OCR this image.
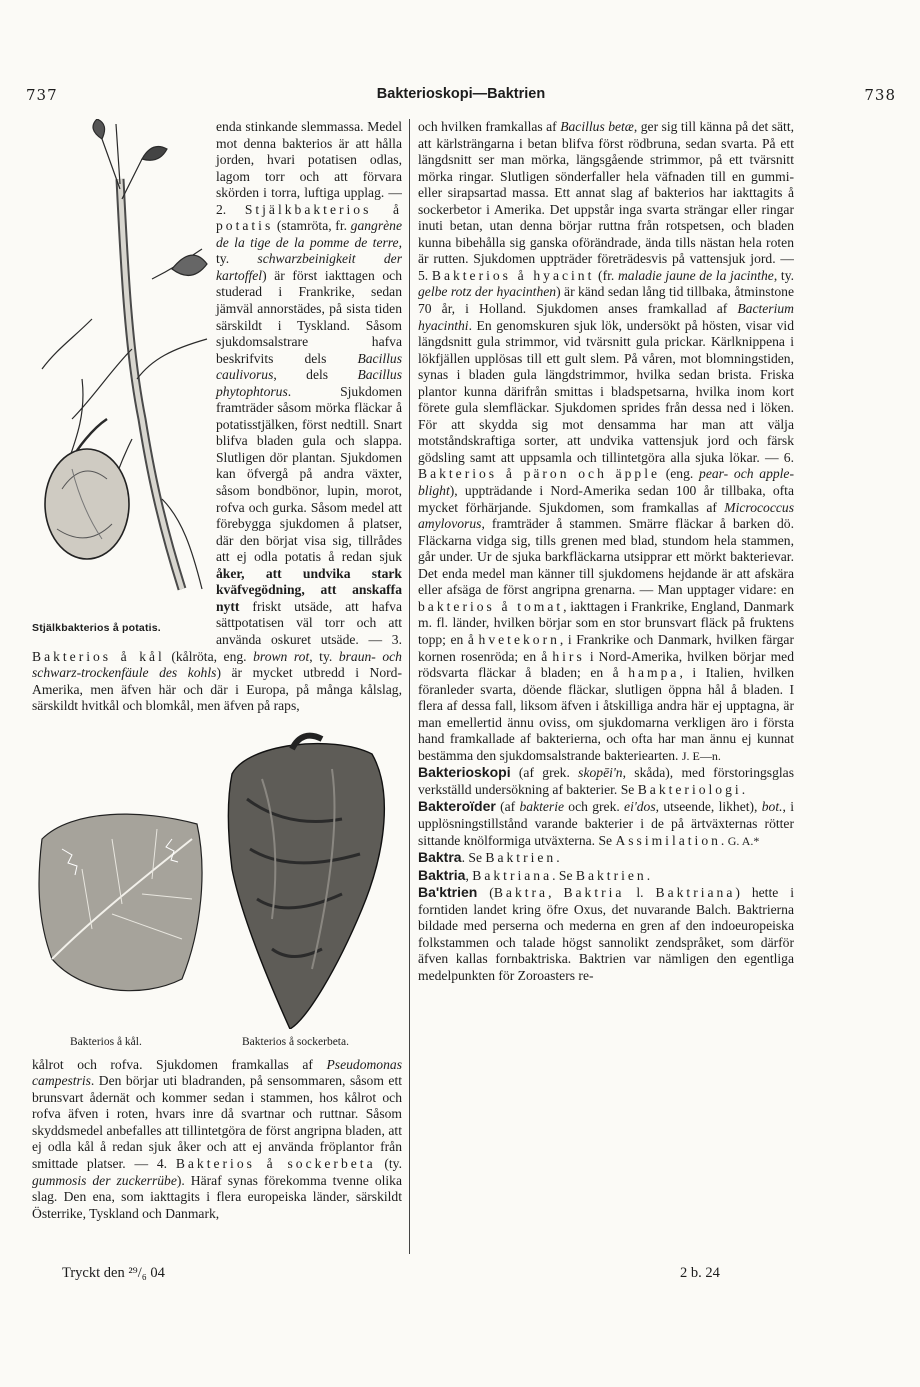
737	Bakterioskopi—Baktrien	738
Stjälkbakterios å potatis.

enda stinkande slemmassa. Medel mot denna bakterios är att hålla jorden, hvari potatisen odlas, lagom torr och att förvara skörden i torra, luftiga upplag. — 2. Stjälkbakterios å potatis (stamröta, fr. gangrène de la tige de la pomme de terre, ty. schwarzbeinigkeit der kartoffel) är först iakttagen och studerad i Frankrike, sedan jämväl annorstädes, på sista tiden särskildt i Tyskland. Såsom sjukdomsalstrare hafva beskrifvits dels Bacillus caulivorus, dels Bacillus phytophtorus. Sjukdomen framträder såsom mörka fläckar å potatisstjälken, först nedtill. Snart blifva bladen gula och slappa. Slutligen dör plantan. Sjukdomen kan öfvergå på andra växter, såsom bondbönor, lupin, morot, rofva och gurka. Såsom medel att förebygga sjukdomen å platser, där den börjat visa sig, tillrådes att ej odla potatis å redan sjuk åker, att undvika stark kväfvegödning, att anskaffa nytt friskt utsäde, att hafva sättpotatisen väl torr och att använda oskuret utsäde. — 3. Bakterios å kål (kålröta, eng. brown rot, ty. braun- och schwarz-trockenfäule des kohls) är mycket utbredd i Nord-Amerika, men äfven här och där i Europa, på många kålslag, särskildt hvitkål och blomkål, men äfven på raps,

Bakterios å kål.	Bakterios å sockerbeta.

kålrot och rofva. Sjukdomen framkallas af Pseudomonas campestris. Den börjar uti bladranden, på sensommaren, såsom ett brunsvart ådernät och kommer sedan i stammen, hos kålrot och rofva äfven i roten, hvars inre då svartnar och ruttnar. Såsom skyddsmedel anbefalles att tillintetgöra de först angripna bladen, att ej odla kål å redan sjuk åker och att ej använda fröplantor från smittade platser. — 4. Bakterios å sockerbeta (ty. gummosis der zuckerrübe). Häraf synas förekomma tvenne olika slag. Den ena, som iakttagits i flera europeiska länder, särskildt Österrike, Tyskland och Danmark,

och hvilken framkallas af Bacillus betæ, ger sig till känna på det sätt, att kärlsträngarna i betan blifva först rödbruna, sedan svarta. På ett längdsnitt ser man mörka, längsgående strimmor, på ett tvärsnitt mörka ringar. Slutligen sönderfaller hela väfnaden till en gummi- eller sirapsartad massa. Ett annat slag af bakterios har iakttagits å sockerbetor i Amerika. Det uppstår inga svarta strängar eller ringar inuti betan, utan denna börjar ruttna från rotspetsen, och bladen kunna bibehålla sig ganska oförändrade, ända tills nästan hela roten är rutten. Sjukdomen uppträder företrädesvis på vattensjuk jord. — 5. Bakterios å hyacint (fr. maladie jaune de la jacinthe, ty. gelbe rotz der hyacinthen) är känd sedan lång tid tillbaka, åtminstone 70 år, i Holland. Sjukdomen anses framkallad af Bacterium hyacinthi. En genomskuren sjuk lök, undersökt på hösten, visar vid längdsnitt gula strimmor, vid tvärsnitt gula prickar. Kärlknippena i lökfjällen upplösas till ett gult slem. På våren, mot blomningstiden, synas i bladen gula längdstrimmor, hvilka sedan brista. Friska plantor kunna därifrån smittas i bladspetsarna, hvilka inom kort förete gula slemfläckar. Sjukdomen sprides från dessa ned i löken. För att skydda sig mot densamma har man att välja motståndskraftiga sorter, att undvika vattensjuk jord och färsk gödsling samt att uppsamla och tillintetgöra alla sjuka lökar. — 6. Bakterios å päron och äpple (eng. pear- och apple-blight), uppträdande i Nord-Amerika sedan 100 år tillbaka, ofta mycket förhärjande. Sjukdomen, som framkallas af Micrococcus amylovorus, framträder å stammen. Smärre fläckar å barken dö. Fläckarna vidga sig, tills grenen med blad, stundom hela stammen, går under. Ur de sjuka barkfläckarna utsipprar ett mörkt bakterievar. Det enda medel man känner till sjukdomens hejdande är att afskära eller afsäga de först angripna grenarna. — Man upptager vidare: en bakterios å tomat, iakttagen i Frankrike, England, Danmark m. fl. länder, hvilken börjar som en stor brunsvart fläck på fruktens topp; en å hvetekorn, i Frankrike och Danmark, hvilken färgar kornen rosenröda; en å hirs i Nord-Amerika, hvilken börjar med rödsvarta fläckar å bladen; en å hampa, i Italien, hvilken föranleder svarta, döende fläckar, slutligen öppna hål å bladen. I flera af dessa fall, liksom äfven i åtskilliga andra här ej upptagna, är man emellertid ännu oviss, om sjukdomarna verkligen äro i första hand framkallade af bakterierna, och ofta har man ännu ej kunnat bestämma den sjukdomsalstrande bakteriearten. J. E—n.

Bakterioskopi (af grek. skopēi'n, skåda), med förstoringsglas verkställd undersökning af bakterier. Se Bakteriologi.

Bakteroïder (af bakterie och grek. ei'dos, utseende, likhet), bot., i upplösningstillstånd varande bakterier i de på ärtväxternas rötter sittande knölformiga utväxterna. Se Assimilation. G. A.*

Baktra. Se Baktrien.

Baktria, Baktriana. Se Baktrien.

Ba'ktrien (Baktra, Baktria l. Baktriana) hette i forntiden landet kring öfre Oxus, det nuvarande Balch. Baktrierna bildade med perserna och mederna en gren af den indoeuropeiska folkstammen och talade högst sannolikt zendspråket, som därför äfven kallas fornbaktriska. Baktrien var nämligen den egentliga medelpunkten för Zoroasters re-

Tryckt den ²⁹/₆ 04	2 b. 24
